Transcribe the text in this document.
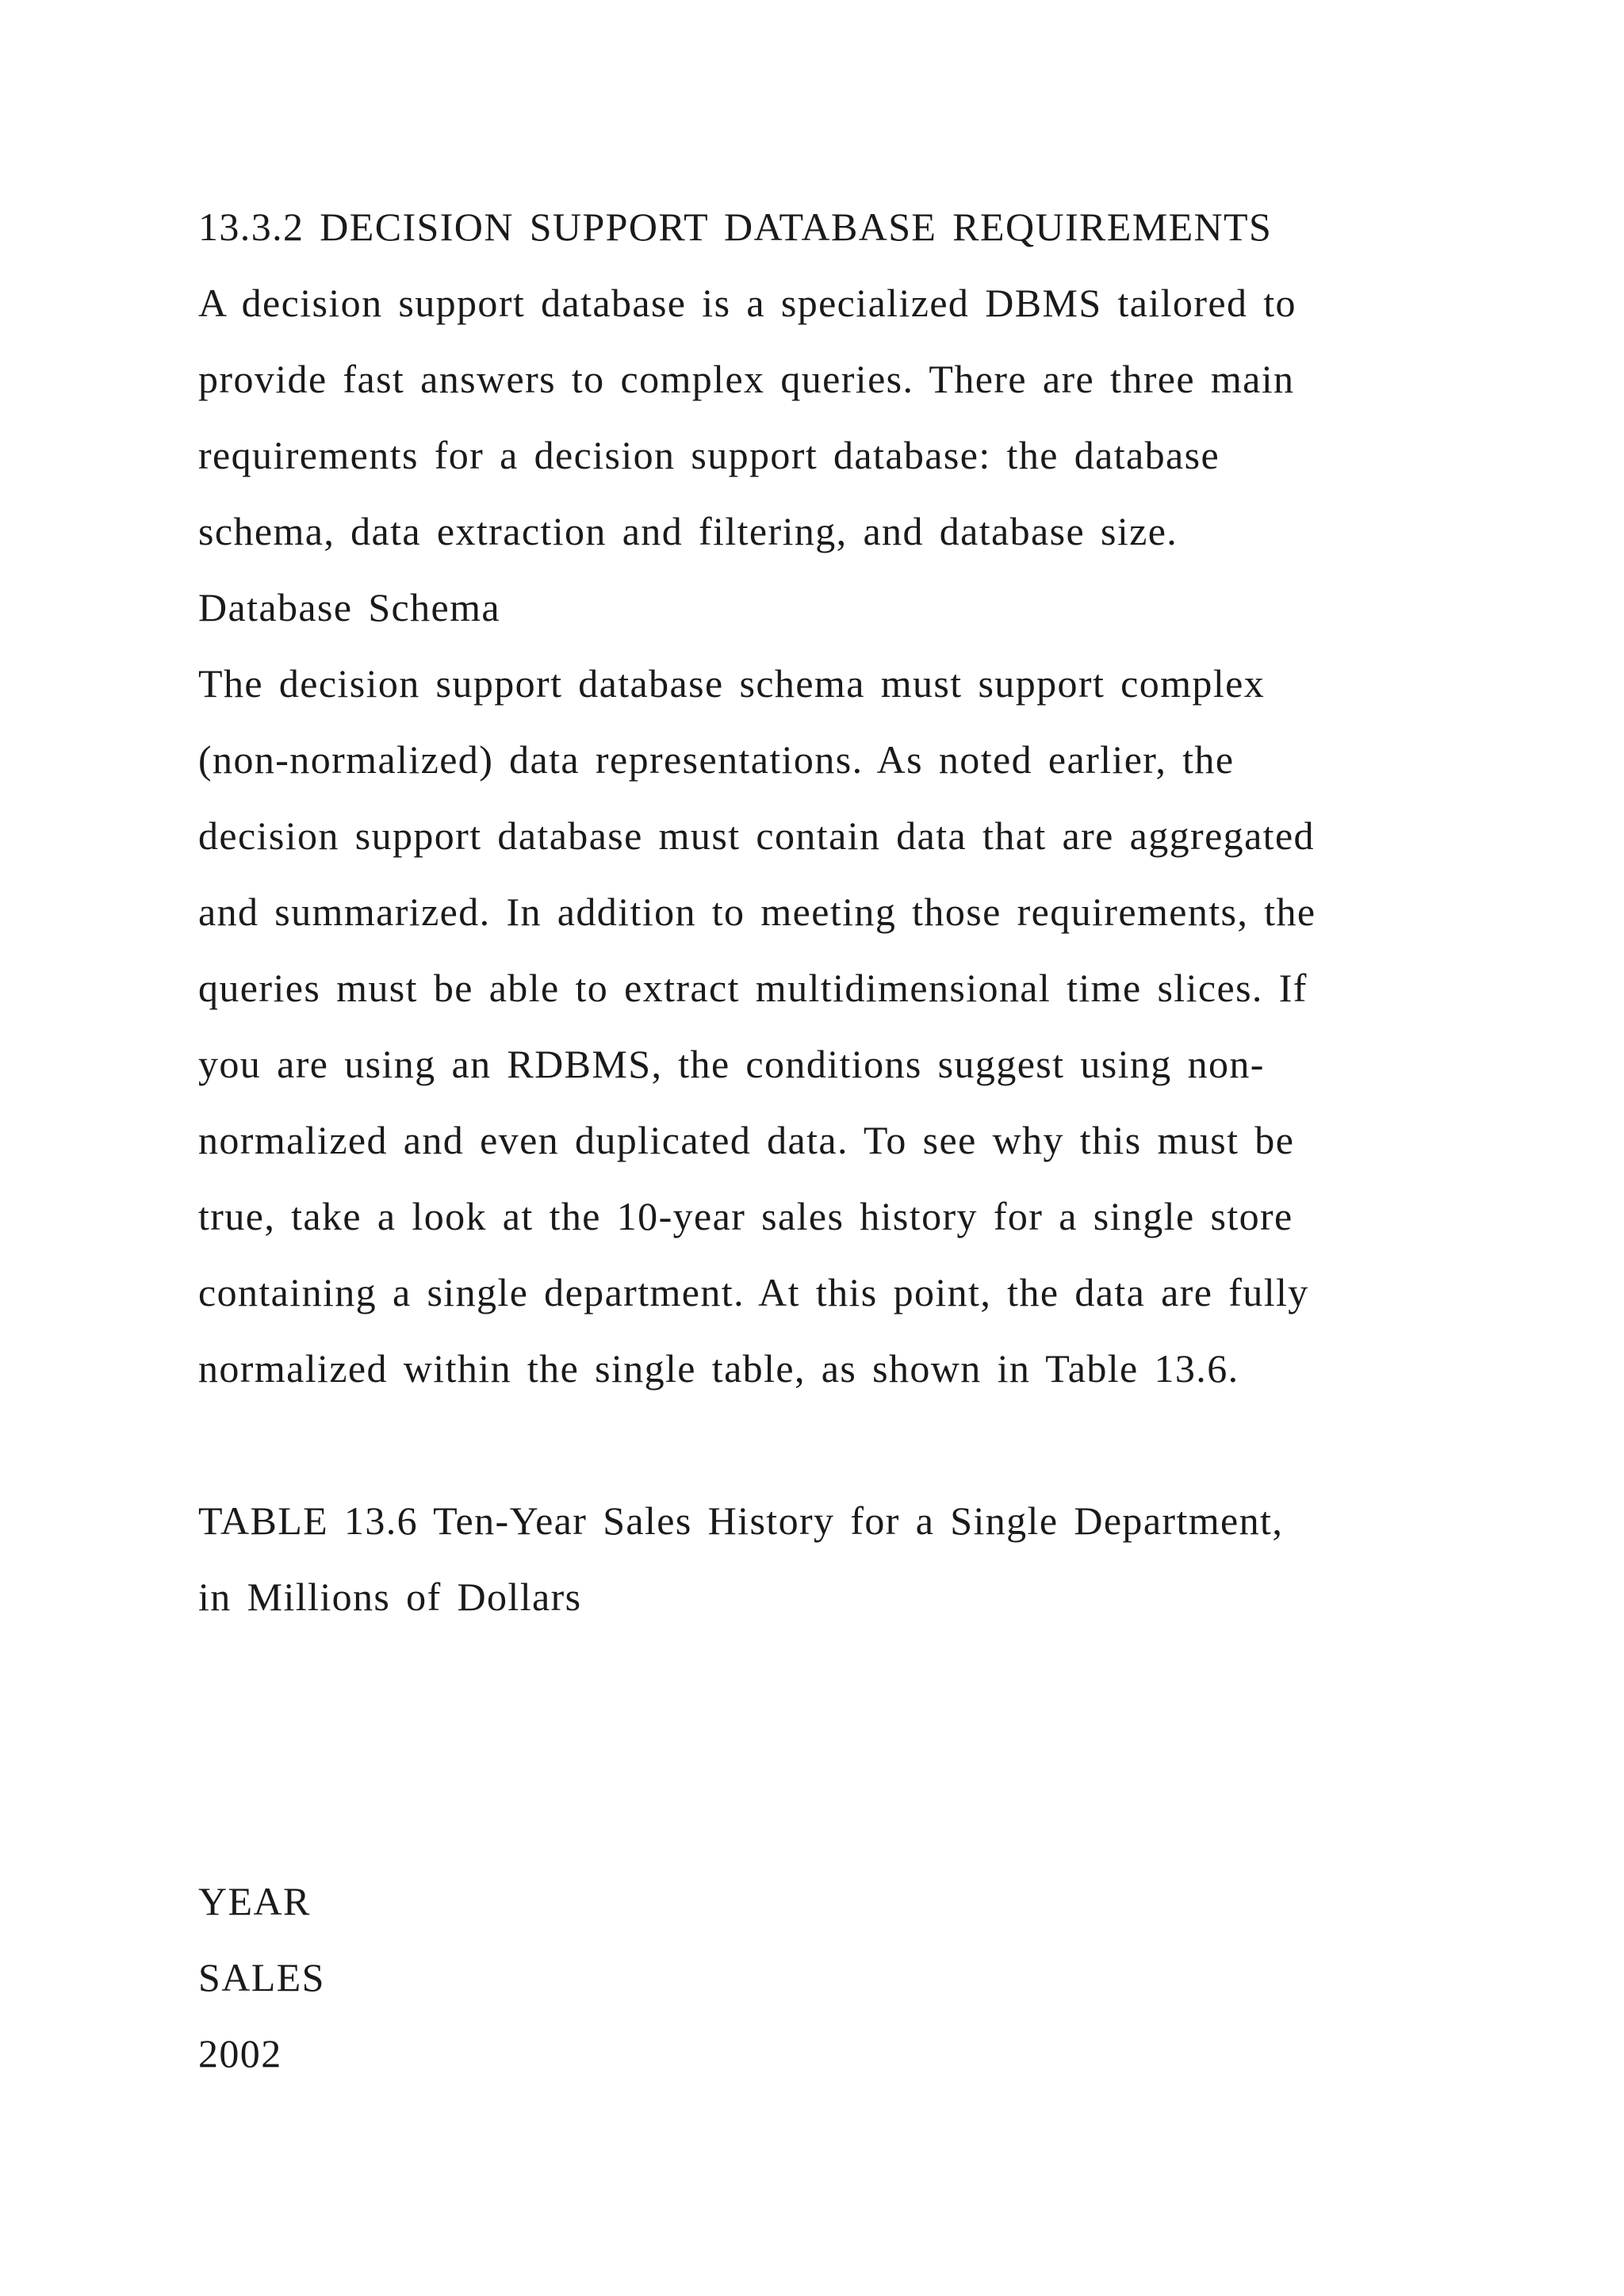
13.3.2 DECISION SUPPORT DATABASE REQUIREMENTS
A decision support database is a specialized DBMS tailored to
provide fast answers to complex queries. There are three main
requirements for a decision support database: the database
schema, data extraction and filtering, and database size.
Database Schema
The decision support database schema must support complex
(non-normalized) data representations. As noted earlier, the
decision support database must contain data that are aggregated
and summarized. In addition to meeting those requirements, the
queries must be able to extract multidimensional time slices. If
you are using an RDBMS, the conditions suggest using non-
normalized and even duplicated data. To see why this must be
true, take a look at the 10-year sales history for a single store
containing a single department. At this point, the data are fully
normalized within the single table, as shown in Table 13.6.
TABLE 13.6 Ten-Year Sales History for a Single Department,
in Millions of Dollars
YEAR
SALES
2002
